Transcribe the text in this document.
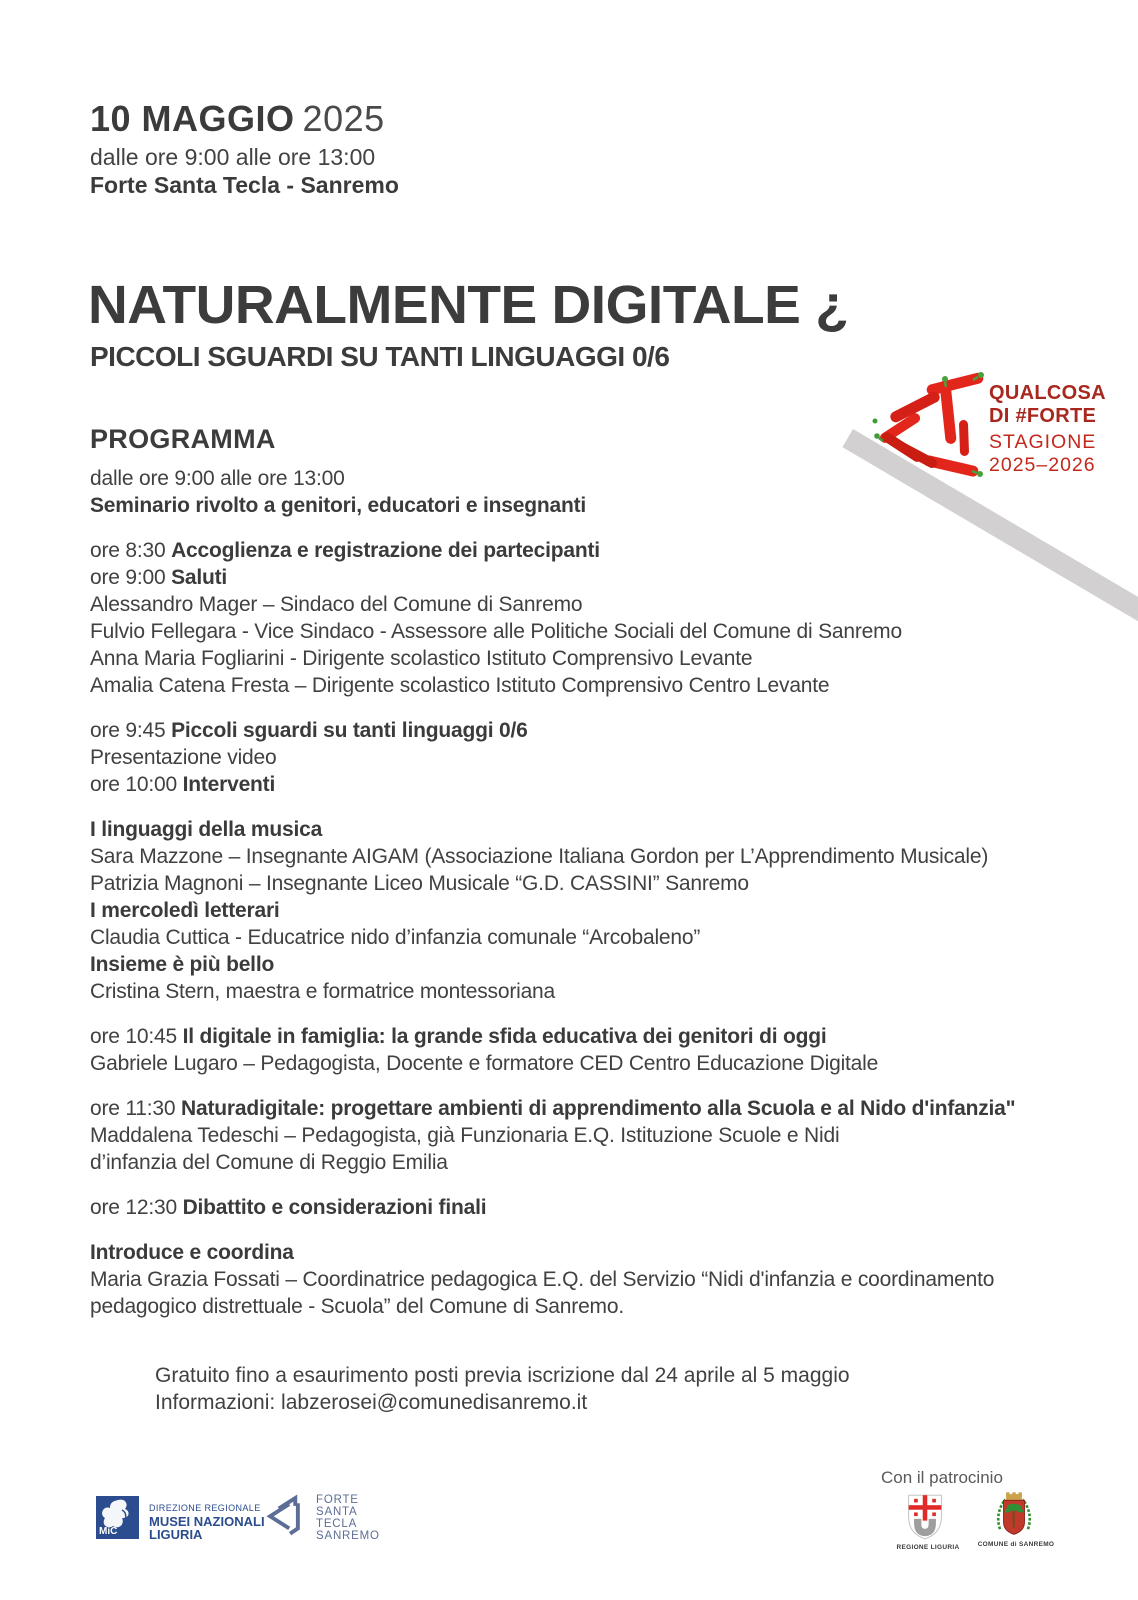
10 MAGGIO 2025
dalle ore 9:00 alle ore 13:00
Forte Santa Tecla - Sanremo
NATURALMENTE DIGITALE ¿
PICCOLI SGUARDI SU TANTI LINGUAGGI 0/6
QUALCOSA
DI #FORTE
STAGIONE
2025–2026
PROGRAMMA
dalle ore 9:00 alle ore 13:00
Seminario rivolto a genitori, educatori e insegnanti
ore 8:30 Accoglienza e registrazione dei partecipanti
ore 9:00 Saluti
Alessandro Mager – Sindaco del Comune di Sanremo
Fulvio Fellegara - Vice Sindaco - Assessore alle Politiche Sociali del Comune di Sanremo
Anna Maria Fogliarini - Dirigente scolastico Istituto Comprensivo Levante
Amalia Catena Fresta – Dirigente scolastico Istituto Comprensivo Centro Levante
ore 9:45 Piccoli sguardi su tanti linguaggi 0/6
Presentazione video
ore 10:00 Interventi
I linguaggi della musica
Sara Mazzone – Insegnante AIGAM (Associazione Italiana Gordon per L’Apprendimento Musicale)
Patrizia Magnoni – Insegnante Liceo Musicale “G.D. CASSINI” Sanremo
I mercoledì letterari
Claudia Cuttica - Educatrice nido d’infanzia comunale “Arcobaleno”
Insieme è più bello
Cristina Stern, maestra e formatrice montessoriana
ore 10:45 Il digitale in famiglia: la grande sfida educativa dei genitori di oggi
Gabriele Lugaro – Pedagogista, Docente e formatore CED Centro Educazione Digitale
ore 11:30 Naturadigitale: progettare ambienti di apprendimento alla Scuola e al Nido d'infanzia"
Maddalena Tedeschi – Pedagogista, già Funzionaria E.Q. Istituzione Scuole e Nidi
d’infanzia del Comune di Reggio Emilia
ore 12:30 Dibattito e considerazioni finali
Introduce e coordina
Maria Grazia Fossati – Coordinatrice pedagogica E.Q. del Servizio “Nidi d'infanzia e coordinamento
pedagogico distrettuale - Scuola” del Comune di Sanremo.
Gratuito fino a esaurimento posti previa iscrizione dal 24 aprile al 5 maggio
Informazioni: labzerosei@comunedisanremo.it
Con il patrocinio
MiC
DIREZIONE REGIONALE
MUSEI NAZIONALI
LIGURIA
FORTE
SANTA
TECLA
SANREMO
REGIONE LIGURIA	COMUNE di SANREMO
